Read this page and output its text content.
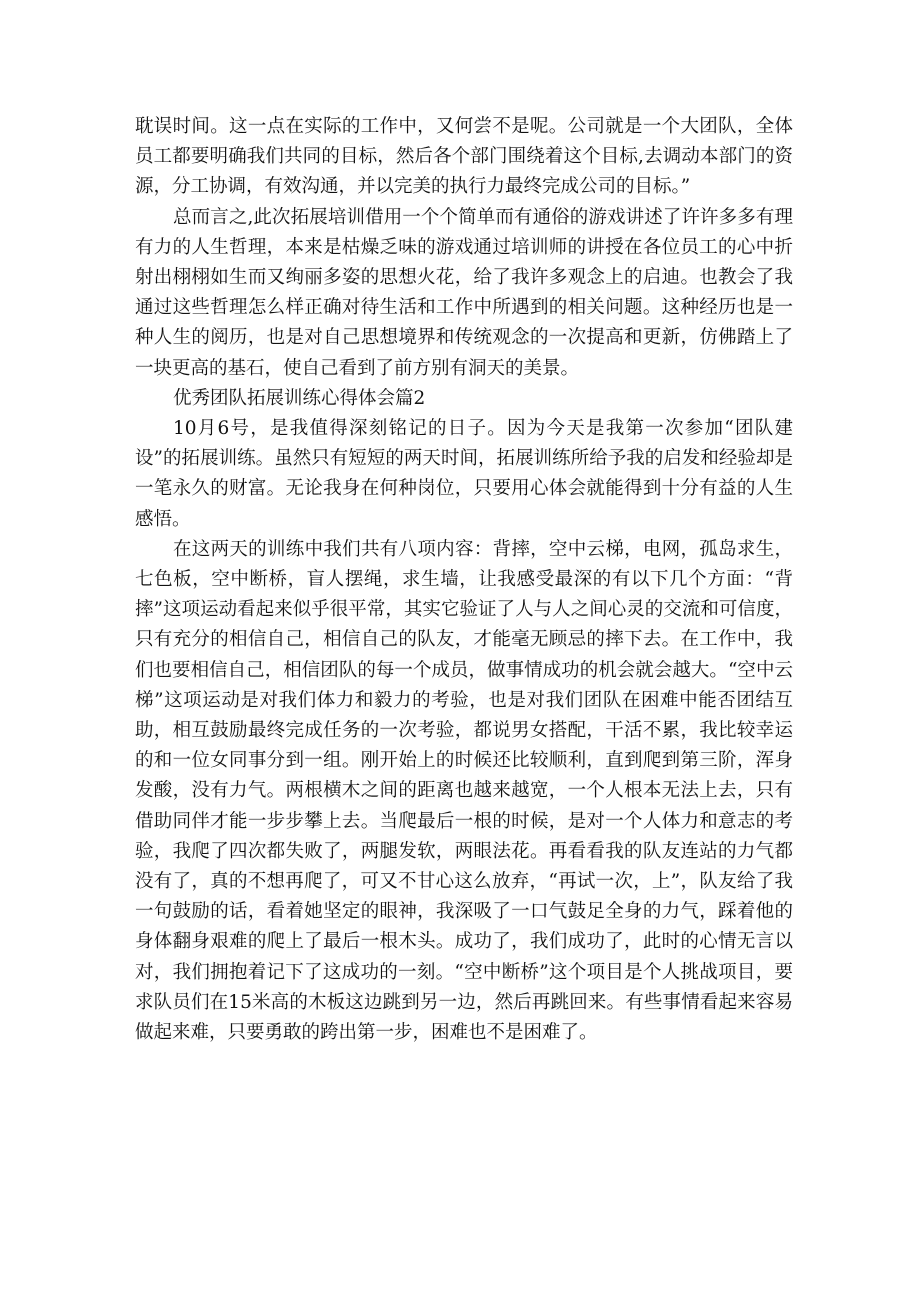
耽误时间。这一点在实际的工作中，又何尝不是呢。公司就是一个大团队，全体员工都要明确我们共同的目标，然后各个部门围绕着这个目标,去调动本部门的资源，分工协调，有效沟通，并以完美的执行力最终完成公司的目标。”

总而言之,此次拓展培训借用一个个简单而有通俗的游戏讲述了许许多多有理有力的人生哲理，本来是枯燥乏味的游戏通过培训师的讲授在各位员工的心中折射出栩栩如生而又绚丽多姿的思想火花，给了我许多观念上的启迪。也教会了我通过这些哲理怎么样正确对待生活和工作中所遇到的相关问题。这种经历也是一种人生的阅历，也是对自己思想境界和传统观念的一次提高和更新，仿佛踏上了一块更高的基石，使自己看到了前方别有洞天的美景。

优秀团队拓展训练心得体会篇2

10月6号，是我值得深刻铭记的日子。因为今天是我第一次参加“团队建设”的拓展训练。虽然只有短短的两天时间，拓展训练所给予我的启发和经验却是一笔永久的财富。无论我身在何种岗位，只要用心体会就能得到十分有益的人生感悟。

在这两天的训练中我们共有八项内容：背摔，空中云梯，电网，孤岛求生，七色板，空中断桥，盲人摆绳，求生墙，让我感受最深的有以下几个方面：“背摔”这项运动看起来似乎很平常，其实它验证了人与人之间心灵的交流和可信度，只有充分的相信自己，相信自己的队友，才能毫无顾忌的摔下去。在工作中，我们也要相信自己，相信团队的每一个成员，做事情成功的机会就会越大。“空中云梯”这项运动是对我们体力和毅力的考验，也是对我们团队在困难中能否团结互助，相互鼓励最终完成任务的一次考验，都说男女搭配，干活不累，我比较幸运的和一位女同事分到一组。刚开始上的时候还比较顺利，直到爬到第三阶，浑身发酸，没有力气。两根横木之间的距离也越来越宽，一个人根本无法上去，只有借助同伴才能一步步攀上去。当爬最后一根的时候，是对一个人体力和意志的考验，我爬了四次都失败了，两腿发软，两眼法花。再看看我的队友连站的力气都没有了，真的不想再爬了，可又不甘心这么放弃，“再试一次，上”，队友给了我一句鼓励的话，看着她坚定的眼神，我深吸了一口气鼓足全身的力气，踩着他的身体翻身艰难的爬上了最后一根木头。成功了，我们成功了，此时的心情无言以对，我们拥抱着记下了这成功的一刻。“空中断桥”这个项目是个人挑战项目，要求队员们在15米高的木板这边跳到另一边，然后再跳回来。有些事情看起来容易做起来难，只要勇敢的跨出第一步，困难也不是困难了。
